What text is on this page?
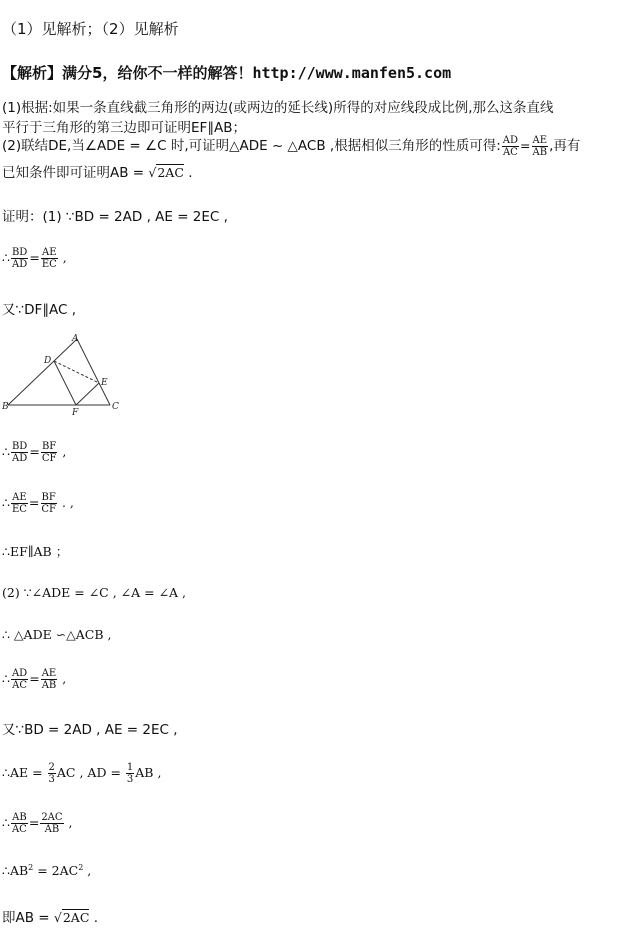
（1）见解析；（2）见解析
【解析】满分5，给你不一样的解答！http://www.manfen5.com
(1)根据:如果一条直线截三角形的两边(或两边的延长线)所得的对应线段成比例,那么这条直线
平行于三角形的第三边即可证明EF∥AB；
(2)联结DE,当∠ADE = ∠C 时,可证明△ADE ~ △ACB ,根据相似三角形的性质可得: $\frac{AD}{AC} = \frac{AE}{AB}$ ,再有
已知条件即可证明AB = √2AC .
证明：(1) ∵BD = 2AD , AE = 2EC ,
∴ $\frac{BD}{AD} = \frac{AE}{EC}$ ,
又∵DF∥AC ,
A
D
E
B
F
C
∴ $\frac{BD}{AD} = \frac{BF}{CF}$ ,
∴ $\frac{AE}{EC} = \frac{BF}{CF}$ . ,
∴EF∥AB ；
(2) ∵∠ADE = ∠C , ∠A = ∠A ,
∴ △ADE ∽△ACB ,
∴ $\frac{AD}{AC} = \frac{AE}{AB}$ ,
又∵BD = 2AD , AE = 2EC ,
∴AE = $\frac{2}{3}$ AC , AD = $\frac{1}{3}$ AB ,
∴ $\frac{AB}{AC} = \frac{2AC}{AB}$ ,
$\therefore AB^2 = 2AC^2$ ,
即AB = √2AC .
